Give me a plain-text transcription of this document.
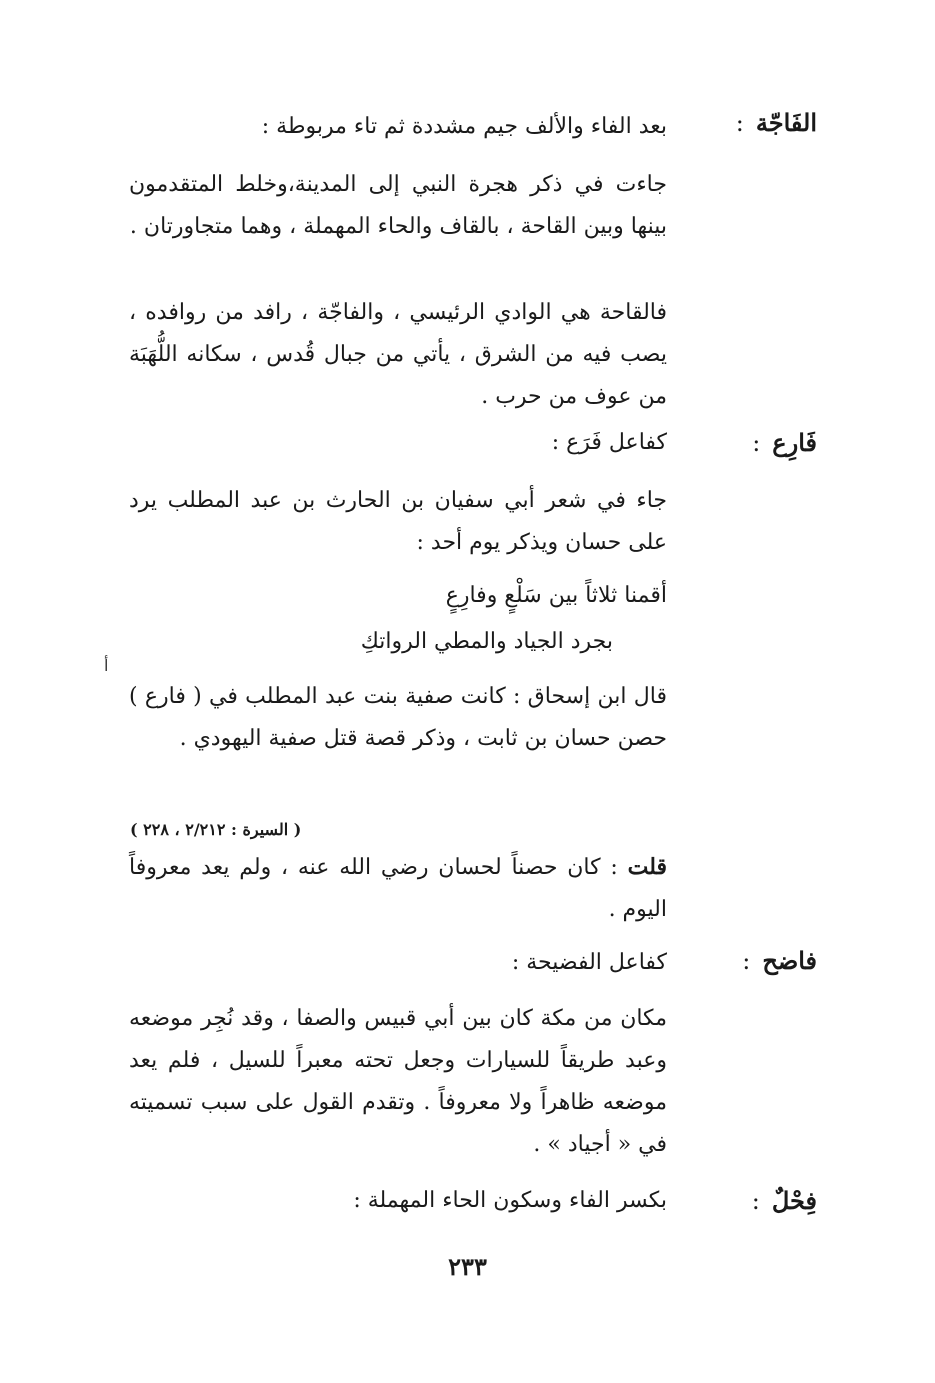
الفَاجّة:
بعد الفاء والألف جيم مشددة ثم تاء مربوطة :
جاءت في ذكر هجرة النبي إلى المدينة،وخلط المتقدمون بينها وبين القاحة ، بالقاف والحاء المهملة ، وهما متجاورتان .
فالقاحة هي الوادي الرئيسي ، والفاجّة ، رافد من روافده ، يصب فيه من الشرق ، يأتي من جبال قُدس ، سكانه اللُّهَبَة من عوف من حرب .
فَارِع:
كفاعل فَرَع :
جاء في شعر أبي سفيان بن الحارث بن عبد المطلب يرد على حسان ويذكر يوم أحد :
أقمنا ثلاثاً بين سَلْعٍ وفارِعٍ
بجرد الجياد والمطي الرواتكِ
أ
قال ابن إسحاق : كانت صفية بنت عبد المطلب في ( فارع ) حصن حسان بن ثابت ، وذكر قصة قتل صفية اليهودي .
( السيرة : ٢/٢١٢ ، ٢٢٨ )
قلت : كان حصناً لحسان رضي الله عنه ، ولم يعد معروفاً اليوم .
فاضح:
كفاعل الفضيحة :
مكان من مكة كان بين أبي قبيس والصفا ، وقد نُجِر موضعه وعبد طريقاً للسيارات وجعل تحته معبراً للسيل ، فلم يعد موضعه ظاهراً ولا معروفاً . وتقدم القول على سبب تسميته في « أجياد » .
فِحْلٌ:
بكسر الفاء وسكون الحاء المهملة :
٢٣٣
